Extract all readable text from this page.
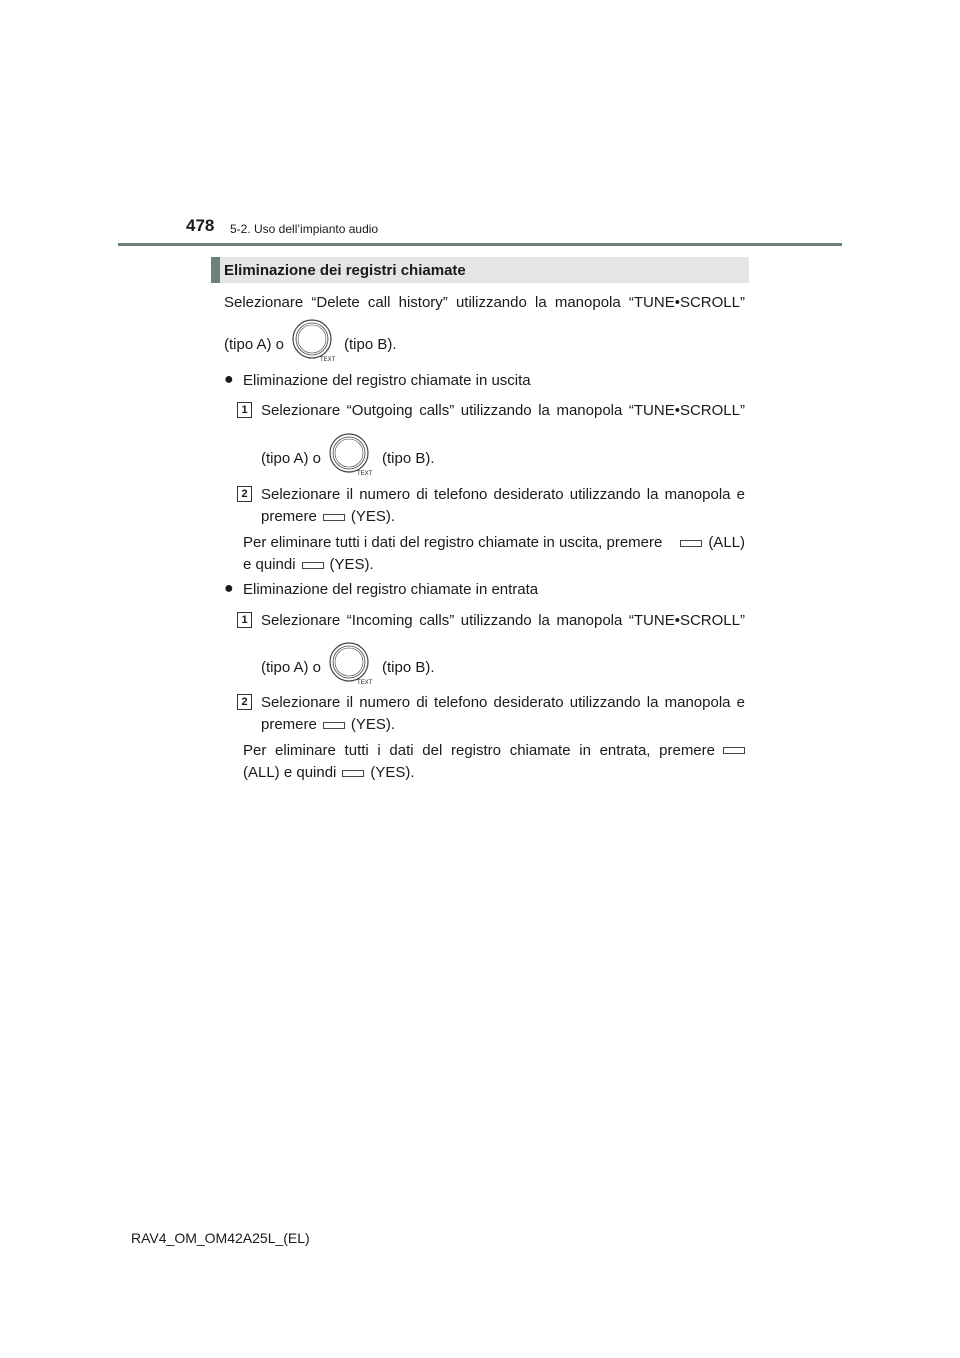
478 5-2. Uso dell’impianto audio
Eliminazione dei registri chiamate
Selezionare “Delete call history” utilizzando la manopola “TUNE•SCROLL”
(tipo A) o
TEXT
(tipo B).
● Eliminazione del registro chiamate in uscita
1 Selezionare “Outgoing calls” utilizzando la manopola “TUNE•SCROLL”
(tipo A) o
TEXT
(tipo B).
2 Selezionare il numero di telefono desiderato utilizzando la manopola e
premere (YES).
Per eliminare tutti i dati del registro chiamate in uscita, premere	(ALL)
e quindi (YES).
● Eliminazione del registro chiamate in entrata
1 Selezionare “Incoming calls” utilizzando la manopola “TUNE•SCROLL”
(tipo A) o
TEXT
(tipo B).
2 Selezionare il numero di telefono desiderato utilizzando la manopola e
premere (YES).
Per eliminare tutti i dati del registro chiamate in entrata, premere
(ALL) e quindi (YES).
RAV4_OM_OM42A25L_(EL)
